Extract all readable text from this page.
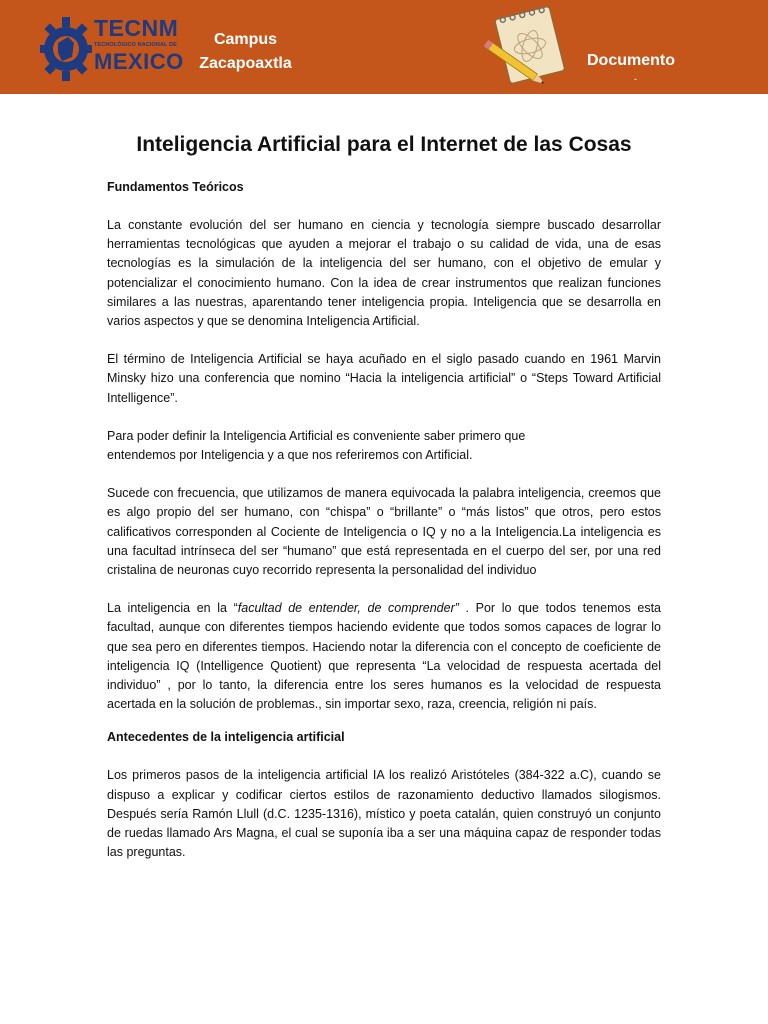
TECNM
TECNOLÓGICO NACIONAL DE
MEXICO
Campus
Zacapoaxtla	Documento
-
Inteligencia Artificial para el Internet de las Cosas
Fundamentos Teóricos

La constante evolución del ser humano en ciencia y tecnología siempre buscado desarrollar herramientas tecnológicas que ayuden a mejorar el trabajo o su calidad de vida, una de esas tecnologías es la simulación de la inteligencia del ser humano, con el objetivo de emular y potencializar el conocimiento humano. Con la idea de crear instrumentos que realizan funciones similares a las nuestras, aparentando tener inteligencia propia. Inteligencia que se desarrolla en varios aspectos y que se denomina Inteligencia Artificial.

El término de Inteligencia Artificial se haya acuñado en el siglo pasado cuando en 1961 Marvin Minsky hizo una conferencia que nomino “Hacia la inteligencia artificial” o “Steps Toward Artificial Intelligence”.

Para poder definir la Inteligencia Artificial es conveniente saber primero que
entendemos por Inteligencia y a que nos referiremos con Artificial.

Sucede con frecuencia, que utilizamos de manera equivocada la palabra inteligencia, creemos que es algo propio del ser humano, con “chispa” o “brillante” o “más listos” que otros, pero estos calificativos corresponden al Cociente de Inteligencia o IQ y no a la Inteligencia.La inteligencia es una facultad intrínseca del ser “humano” que está representada en el cuerpo del ser, por una red cristalina de neuronas cuyo recorrido representa la personalidad del individuo

La inteligencia en la “facultad de entender, de comprender” . Por lo que todos tenemos esta facultad, aunque con diferentes tiempos haciendo evidente que todos somos capaces de lograr lo que sea pero en diferentes tiempos. Haciendo notar la diferencia con el concepto de coeficiente de inteligencia IQ (Intelligence Quotient) que representa “La velocidad de respuesta acertada del individuo” , por lo tanto, la diferencia entre los seres humanos es la velocidad de respuesta acertada en la solución de problemas., sin importar sexo, raza, creencia, religión ni país.

Antecedentes de la inteligencia artificial

Los primeros pasos de la inteligencia artificial IA los realizó Aristóteles (384-322 a.C), cuando se dispuso a explicar y codificar ciertos estilos de razonamiento deductivo llamados silogismos. Después sería Ramón Llull (d.C. 1235-1316), místico y poeta catalán, quien construyó un conjunto de ruedas llamado Ars Magna, el cual se suponía iba a ser una máquina capaz de responder todas las preguntas.
